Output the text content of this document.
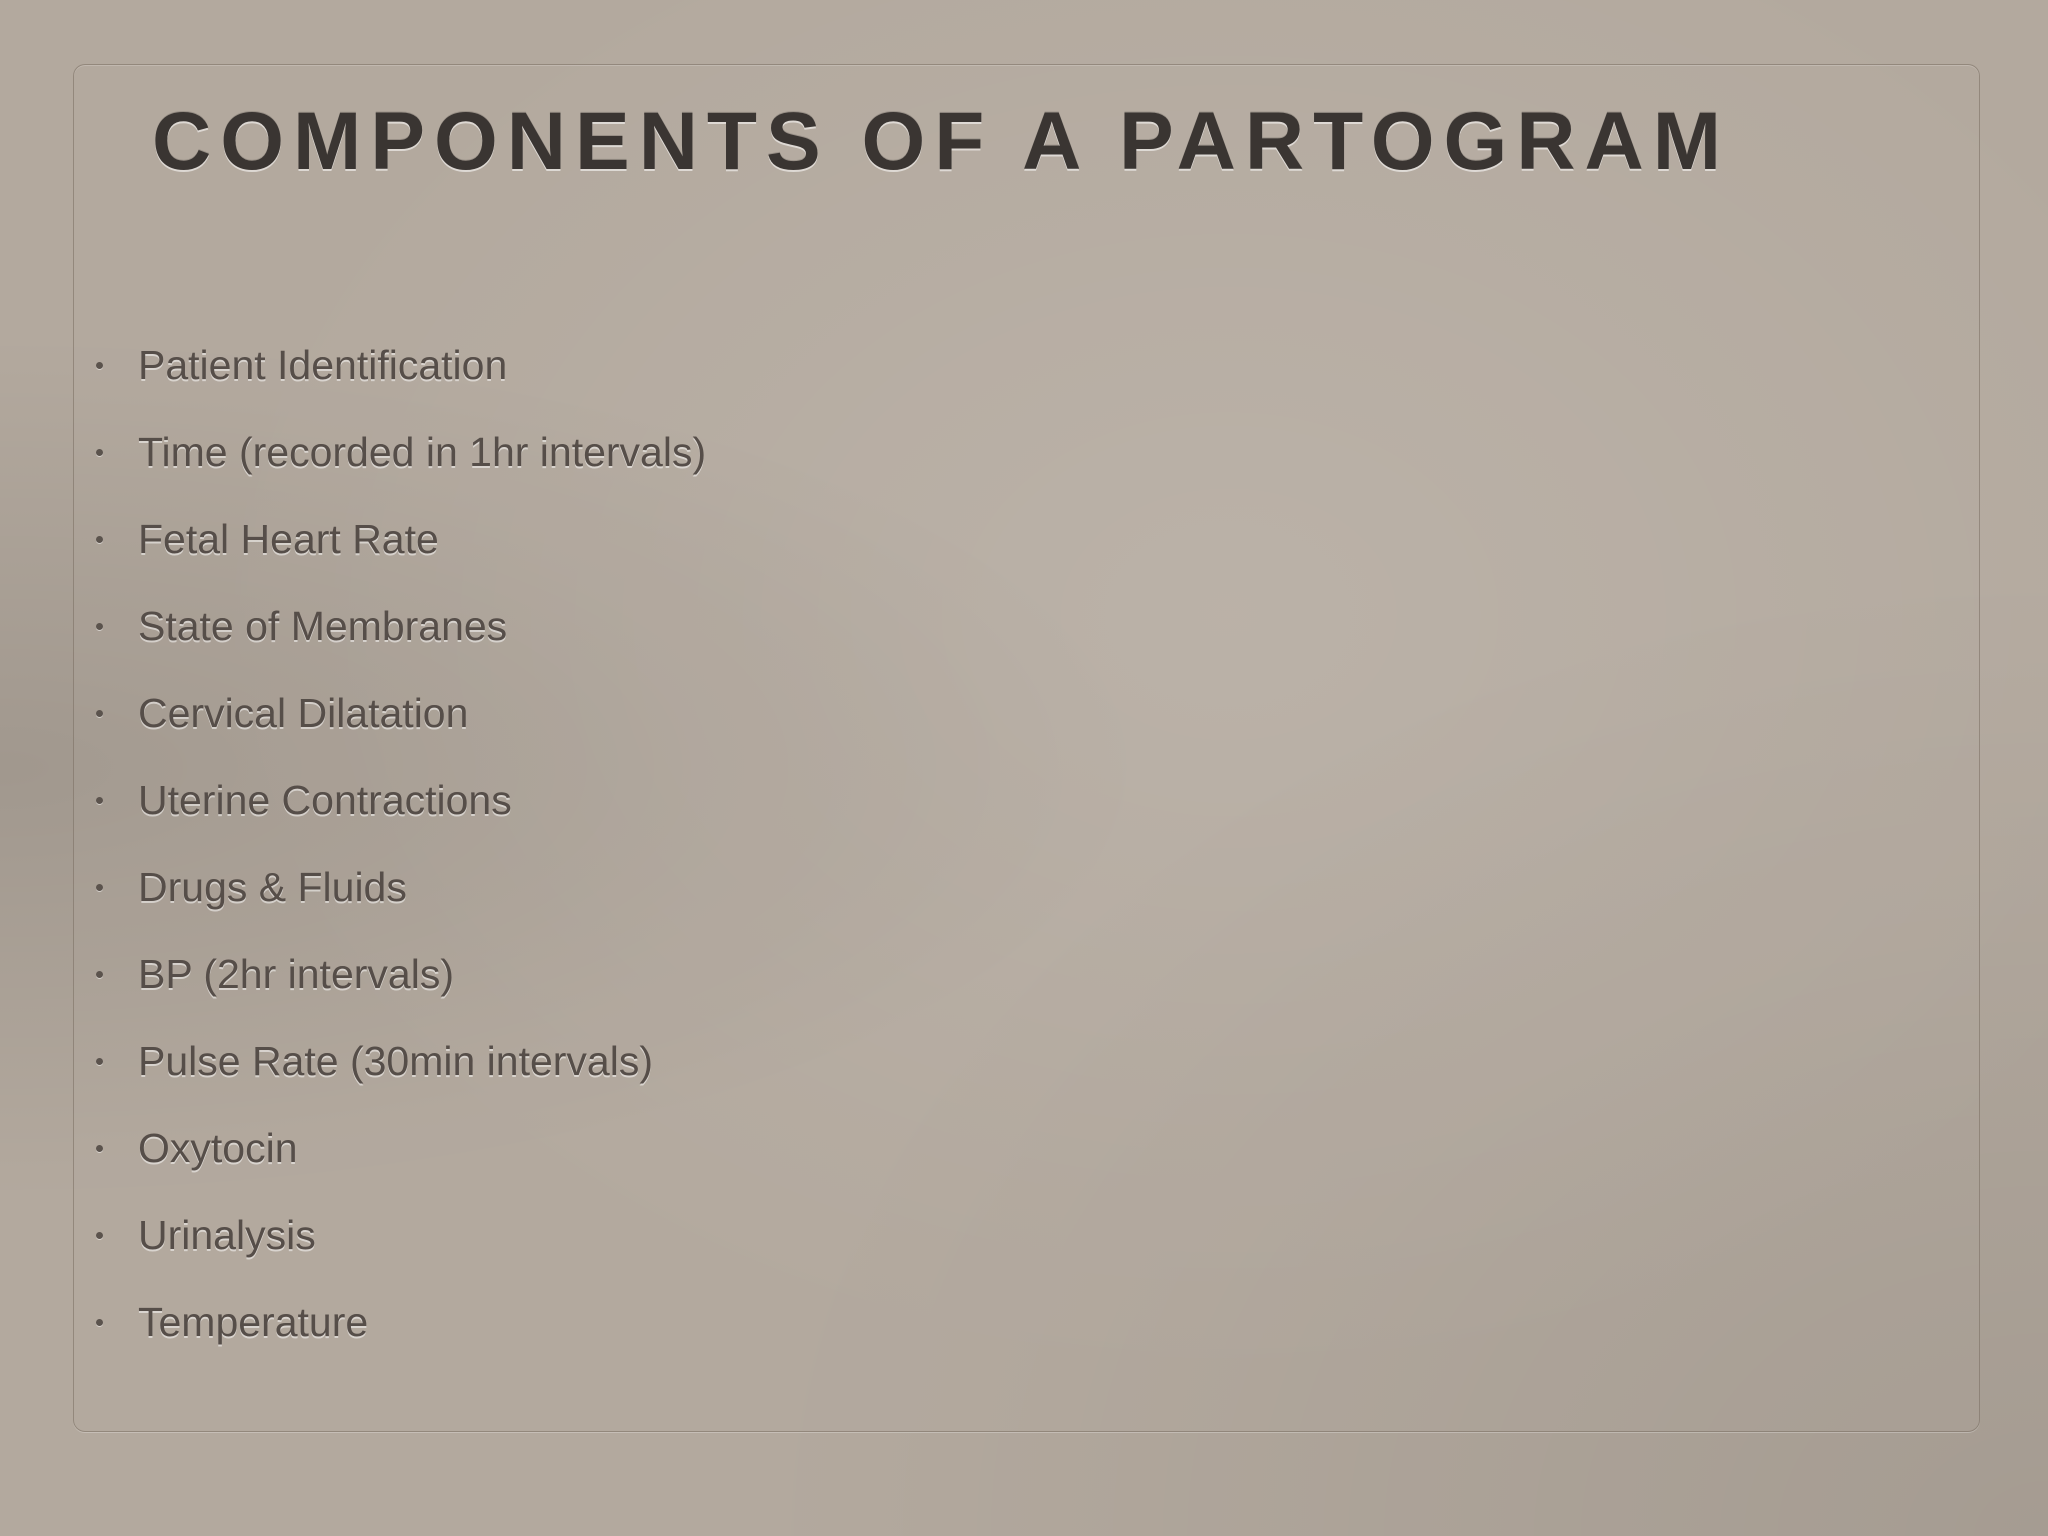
COMPONENTS OF A PARTOGRAM
Patient Identification
Time (recorded in 1hr intervals)
Fetal Heart Rate
State of Membranes
Cervical Dilatation
Uterine Contractions
Drugs & Fluids
BP (2hr intervals)
Pulse Rate (30min intervals)
Oxytocin
Urinalysis
Temperature
